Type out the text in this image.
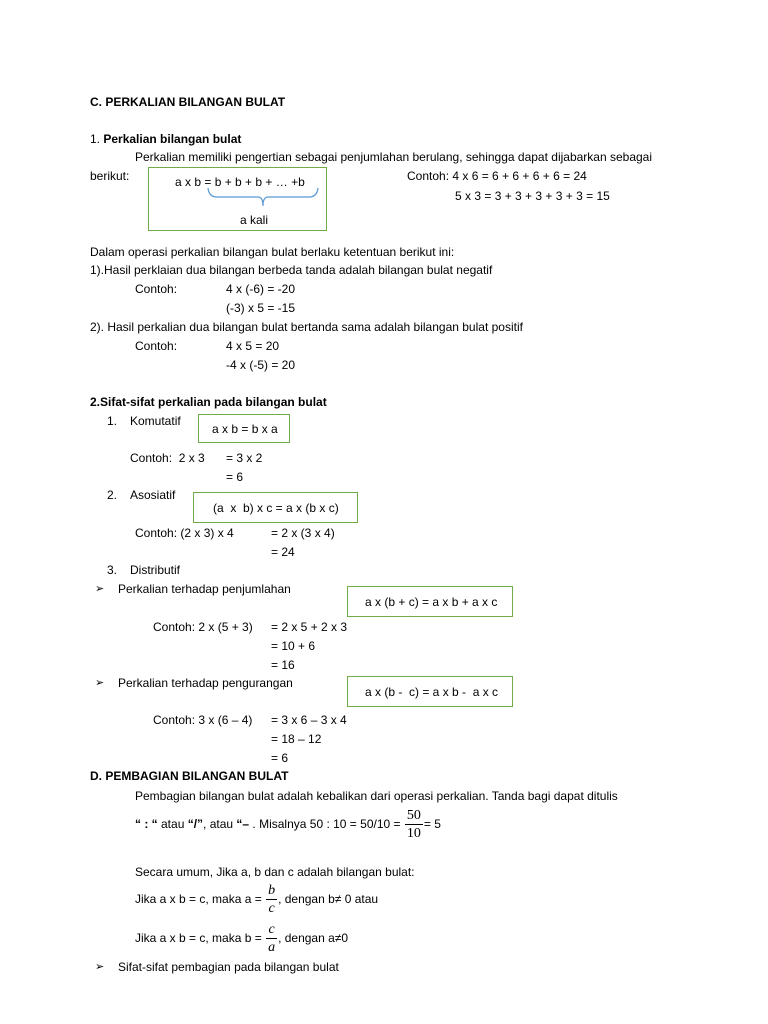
C. PERKALIAN BILANGAN BULAT
1. Perkalian bilangan bulat
Perkalian memiliki pengertian sebagai penjumlahan berulang, sehingga dapat dijabarkan sebagai
berikut:	a x b = b + b + b + … +b
a kali
Contoh: 4 x 6 = 6 + 6 + 6 + 6 = 24
5 x 3 = 3 + 3 + 3 + 3 + 3 = 15
Dalam operasi perkalian bilangan bulat berlaku ketentuan berikut ini:
1).Hasil perklaian dua bilangan berbeda tanda adalah bilangan bulat negatif
Contoh:	4 x (-6) = -20
(-3) x 5 = -15
2). Hasil perkalian dua bilangan bulat bertanda sama adalah bilangan bulat positif
Contoh:	4 x 5 = 20
-4 x (-5) = 20
2.Sifat-sifat perkalian pada bilangan bulat
1. Komutatif
a x b = b x a
Contoh:  2 x 3 = 3 x 2
= 6
2. Asosiatif
(a  x  b) x c = a x (b x c)
Contoh: (2 x 3) x 4	= 2 x (3 x 4)
= 24
3. Distributif
➢ Perkalian terhadap penjumlahan
a x (b + c) = a x b + a x c
Contoh: 2 x (5 + 3) = 2 x 5 + 2 x 3
= 10 + 6
= 16
➢ Perkalian terhadap pengurangan
a x (b -  c) = a x b -  a x c
Contoh: 3 x (6 – 4) = 3 x 6 – 3 x 4
= 18 – 12
= 6
D. PEMBAGIAN BILANGAN BULAT
Pembagian bilangan bulat adalah kebalikan dari operasi perkalian. Tanda bagi dapat ditulis
“ : “ atau “/” , atau “– . Misalnya 50 : $10 = 50/10 = \frac{50}{10} = 5$
Secara umum, Jika a, b dan c adalah bilangan bulat:
Jika a x b = c, maka $a = \frac{b}{c}$ , dengan b≠ 0 atau
Jika a x b = c, maka $b = \frac{c}{a}$ , dengan a≠0
➢ Sifat-sifat pembagian pada bilangan bulat
